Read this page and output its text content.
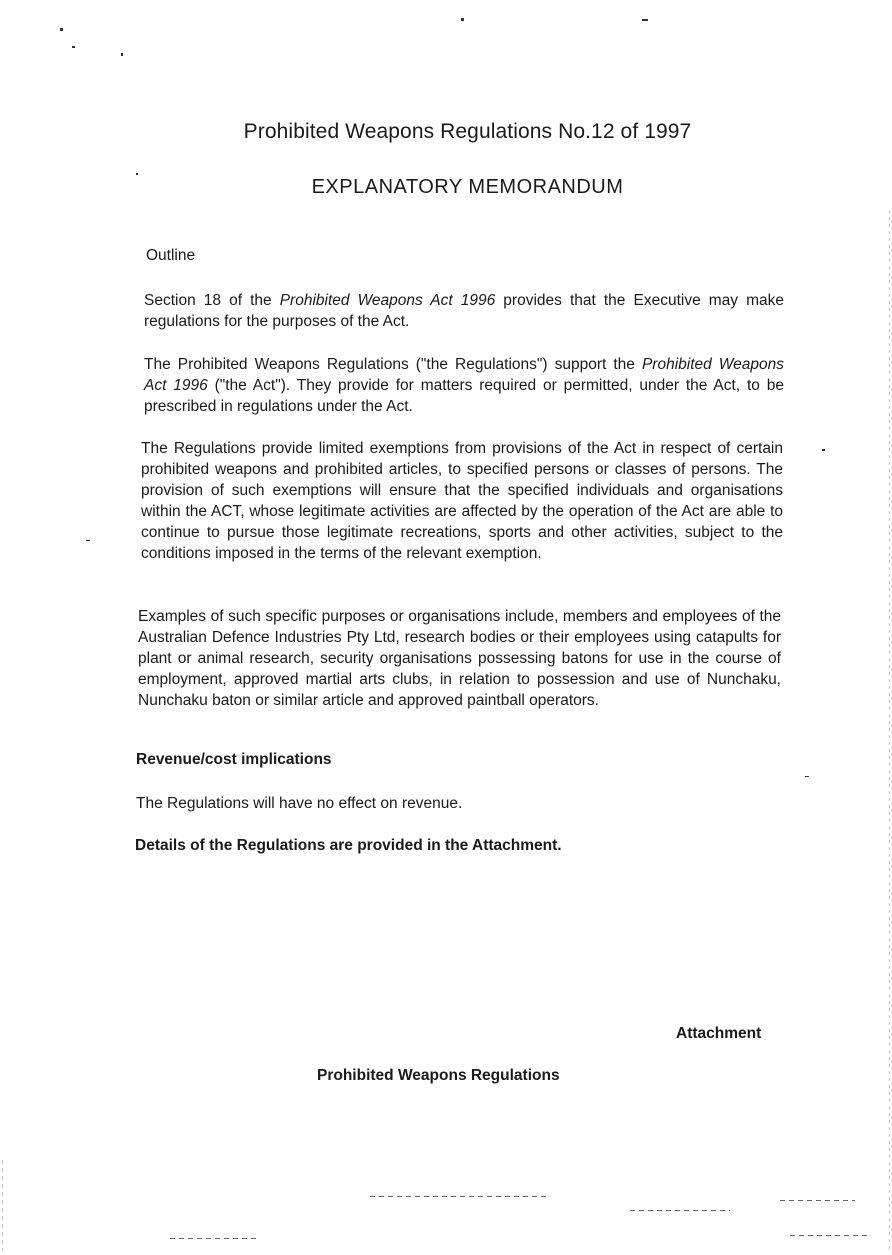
Prohibited Weapons Regulations No.12 of 1997
EXPLANATORY MEMORANDUM
Outline
Section 18 of the Prohibited Weapons Act 1996 provides that the Executive may make regulations for the purposes of the Act.
The Prohibited Weapons Regulations ("the Regulations") support the Prohibited Weapons Act 1996 ("the Act"). They provide for matters required or permitted, under the Act, to be prescribed in regulations under the Act.
The Regulations provide limited exemptions from provisions of the Act in respect of certain prohibited weapons and prohibited articles, to specified persons or classes of persons. The provision of such exemptions will ensure that the specified individuals and organisations within the ACT, whose legitimate activities are affected by the operation of the Act are able to continue to pursue those legitimate recreations, sports and other activities, subject to the conditions imposed in the terms of the relevant exemption.
Examples of such specific purposes or organisations include, members and employees of the Australian Defence Industries Pty Ltd, research bodies or their employees using catapults for plant or animal research, security organisations possessing batons for use in the course of employment, approved martial arts clubs, in relation to possession and use of Nunchaku, Nunchaku baton or similar article and approved paintball operators.
Revenue/cost implications
The Regulations will have no effect on revenue.
Details of the Regulations are provided in the Attachment.
Attachment
Prohibited Weapons Regulations
